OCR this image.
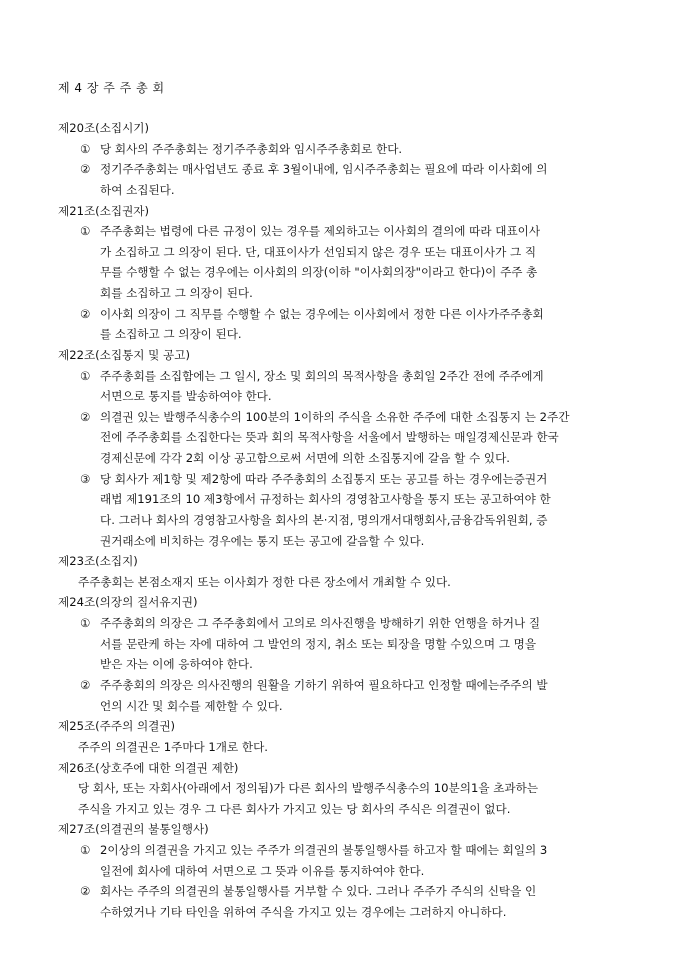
제 4 장 주 주 총 회
제20조(소집시기)
① 당 회사의 주주총회는 정기주주총회와 임시주주총회로 한다.
② 정기주주총회는 매사업년도 종료 후 3월이내에, 임시주주총회는 필요에 따라 이사회에 의
하여 소집된다.
제21조(소집권자)
① 주주총회는 법령에 다른 규정이 있는 경우를 제외하고는 이사회의 결의에 따라 대표이사
가 소집하고 그 의장이 된다. 단, 대표이사가 선임되지 않은 경우 또는 대표이사가 그 직
무를 수행할 수 없는 경우에는 이사회의 의장(이하 "이사회의장"이라고 한다)이 주주 총
회를 소집하고 그 의장이 된다.
② 이사회 의장이 그 직무를 수행할 수 없는 경우에는 이사회에서 정한 다른 이사가주주총회
를 소집하고 그 의장이 된다.
제22조(소집통지 및 공고)
① 주주총회를 소집함에는 그 일시, 장소 및 회의의 목적사항을 총회일 2주간 전에 주주에게
서면으로 통지를 발송하여야 한다.
② 의결권 있는 발행주식총수의 100분의 1이하의 주식을 소유한 주주에 대한 소집통지 는 2주간
전에 주주총회를 소집한다는 뜻과 회의 목적사항을 서울에서 발행하는 매일경제신문과 한국
경제신문에 각각 2회 이상 공고함으로써 서면에 의한 소집통지에 갈음 할 수 있다.
③ 당 회사가 제1항 및 제2항에 따라 주주총회의 소집통지 또는 공고를 하는 경우에는증권거
래법 제191조의 10 제3항에서 규정하는 회사의 경영참고사항을 통지 또는 공고하여야 한
다. 그러나 회사의 경영참고사항을 회사의 본·지점, 명의개서대행회사,금융감독위원회, 증
권거래소에 비치하는 경우에는 통지 또는 공고에 갈음할 수 있다.
제23조(소집지)
주주총회는 본점소재지 또는 이사회가 정한 다른 장소에서 개최할 수 있다.
제24조(의장의 질서유지권)
① 주주총회의 의장은 그 주주총회에서 고의로 의사진행을 방해하기 위한 언행을 하거나 질
서를 문란케 하는 자에 대하여 그 발언의 정지, 취소 또는 퇴장을 명할 수있으며 그 명을
받은 자는 이에 응하여야 한다.
② 주주총회의 의장은 의사진행의 원활을 기하기 위하여 필요하다고 인정할 때에는주주의 발
언의 시간 및 회수를 제한할 수 있다.
제25조(주주의 의결권)
주주의 의결권은 1주마다 1개로 한다.
제26조(상호주에 대한 의결권 제한)
당 회사, 또는 자회사(아래에서 정의됨)가 다른 회사의 발행주식총수의 10분의1을 초과하는
주식을 가지고 있는 경우 그 다른 회사가 가지고 있는 당 회사의 주식은 의결권이 없다.
제27조(의결권의 불통일행사)
① 2이상의 의결권을 가지고 있는 주주가 의결권의 불통일행사를 하고자 할 때에는 회일의 3
일전에 회사에 대하여 서면으로 그 뜻과 이유를 통지하여야 한다.
② 회사는 주주의 의결권의 불통일행사를 거부할 수 있다. 그러나 주주가 주식의 신탁을 인
수하였거나 기타 타인을 위하여 주식을 가지고 있는 경우에는 그러하지 아니하다.
